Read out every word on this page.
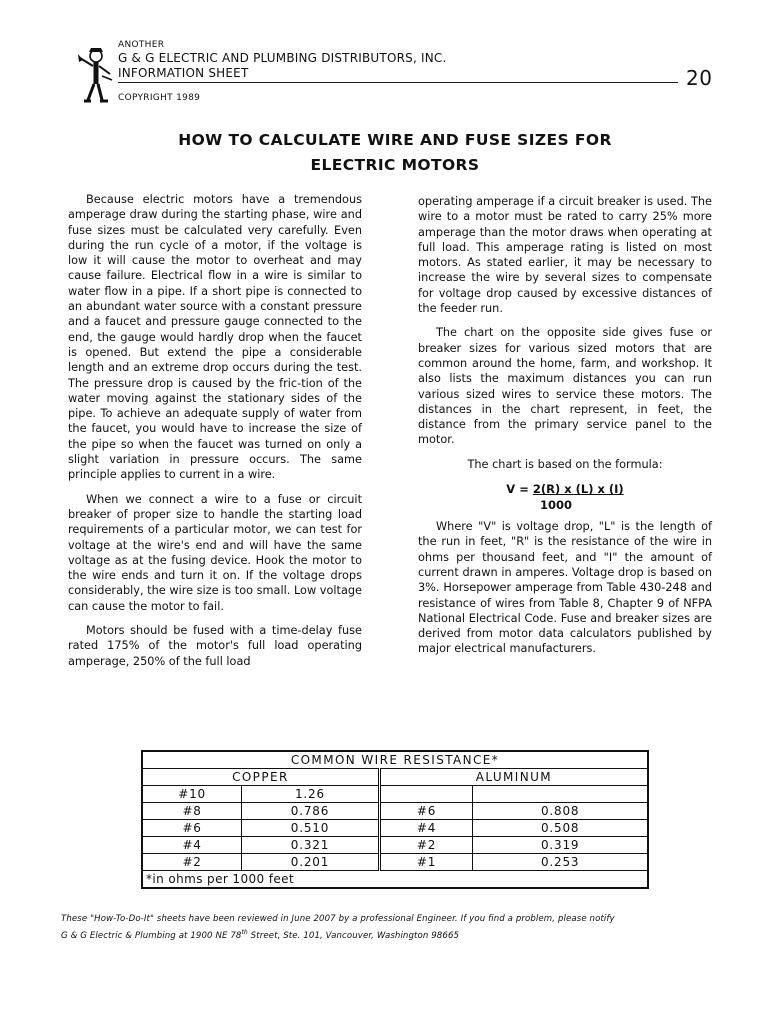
ANOTHER
G & G ELECTRIC AND PLUMBING DISTRIBUTORS, INC.
INFORMATION SHEET
COPYRIGHT 1989
20
HOW TO CALCULATE WIRE AND FUSE SIZES FOR
ELECTRIC MOTORS

Because electric motors have a tremendous amperage draw during the starting phase, wire and fuse sizes must be calculated very carefully. Even during the run cycle of a motor, if the voltage is low it will cause the motor to overheat and may cause failure. Electrical flow in a wire is similar to water flow in a pipe. If a short pipe is connected to an abundant water source with a constant pressure and a faucet and pressure gauge connected to the end, the gauge would hardly drop when the faucet is opened. But extend the pipe a considerable length and an extreme drop occurs during the test. The pressure drop is caused by the fric-tion of the water moving against the stationary sides of the pipe. To achieve an adequate supply of water from the faucet, you would have to increase the size of the pipe so when the faucet was turned on only a slight variation in pressure occurs. The same principle applies to current in a wire.

When we connect a wire to a fuse or circuit breaker of proper size to handle the starting load requirements of a particular motor, we can test for voltage at the wire's end and will have the same voltage as at the fusing device. Hook the motor to the wire ends and turn it on. If the voltage drops considerably, the wire size is too small. Low voltage can cause the motor to fail.

Motors should be fused with a time-delay fuse rated 175% of the motor's full load operating amperage, 250% of the full load

operating amperage if a circuit breaker is used. The wire to a motor must be rated to carry 25% more amperage than the motor draws when operating at full load. This amperage rating is listed on most motors. As stated earlier, it may be necessary to increase the wire by several sizes to compensate for voltage drop caused by excessive distances of the feeder run.

The chart on the opposite side gives fuse or breaker sizes for various sized motors that are common around the home, farm, and workshop. It also lists the maximum distances you can run various sized wires to service these motors. The distances in the chart represent, in feet, the distance from the primary service panel to the motor.

The chart is based on the formula:

V = 2(R) x (L) x (I)
1000

Where "V" is voltage drop, "L" is the length of the run in feet, "R" is the resistance of the wire in ohms per thousand feet, and "I" the amount of current drawn in amperes. Voltage drop is based on 3%. Horsepower amperage from Table 430-248 and resistance of wires from Table 8, Chapter 9 of NFPA National Electrical Code. Fuse and breaker sizes are derived from motor data calculators published by major electrical manufacturers.

COMMON WIRE RESISTANCE*			
COPPER		ALUMINUM	
#10	1.26		
#8	0.786	#6	0.808
#6	0.510	#4	0.508
#4	0.321	#2	0.319
#2	0.201	#1	0.253
*in ohms per 1000 feet			
These "How-To-Do-It" sheets have been reviewed in June 2007 by a professional Engineer. If you find a problem, please notify
G & G Electric & Plumbing at 1900 NE 78th Street, Ste. 101, Vancouver, Washington 98665
